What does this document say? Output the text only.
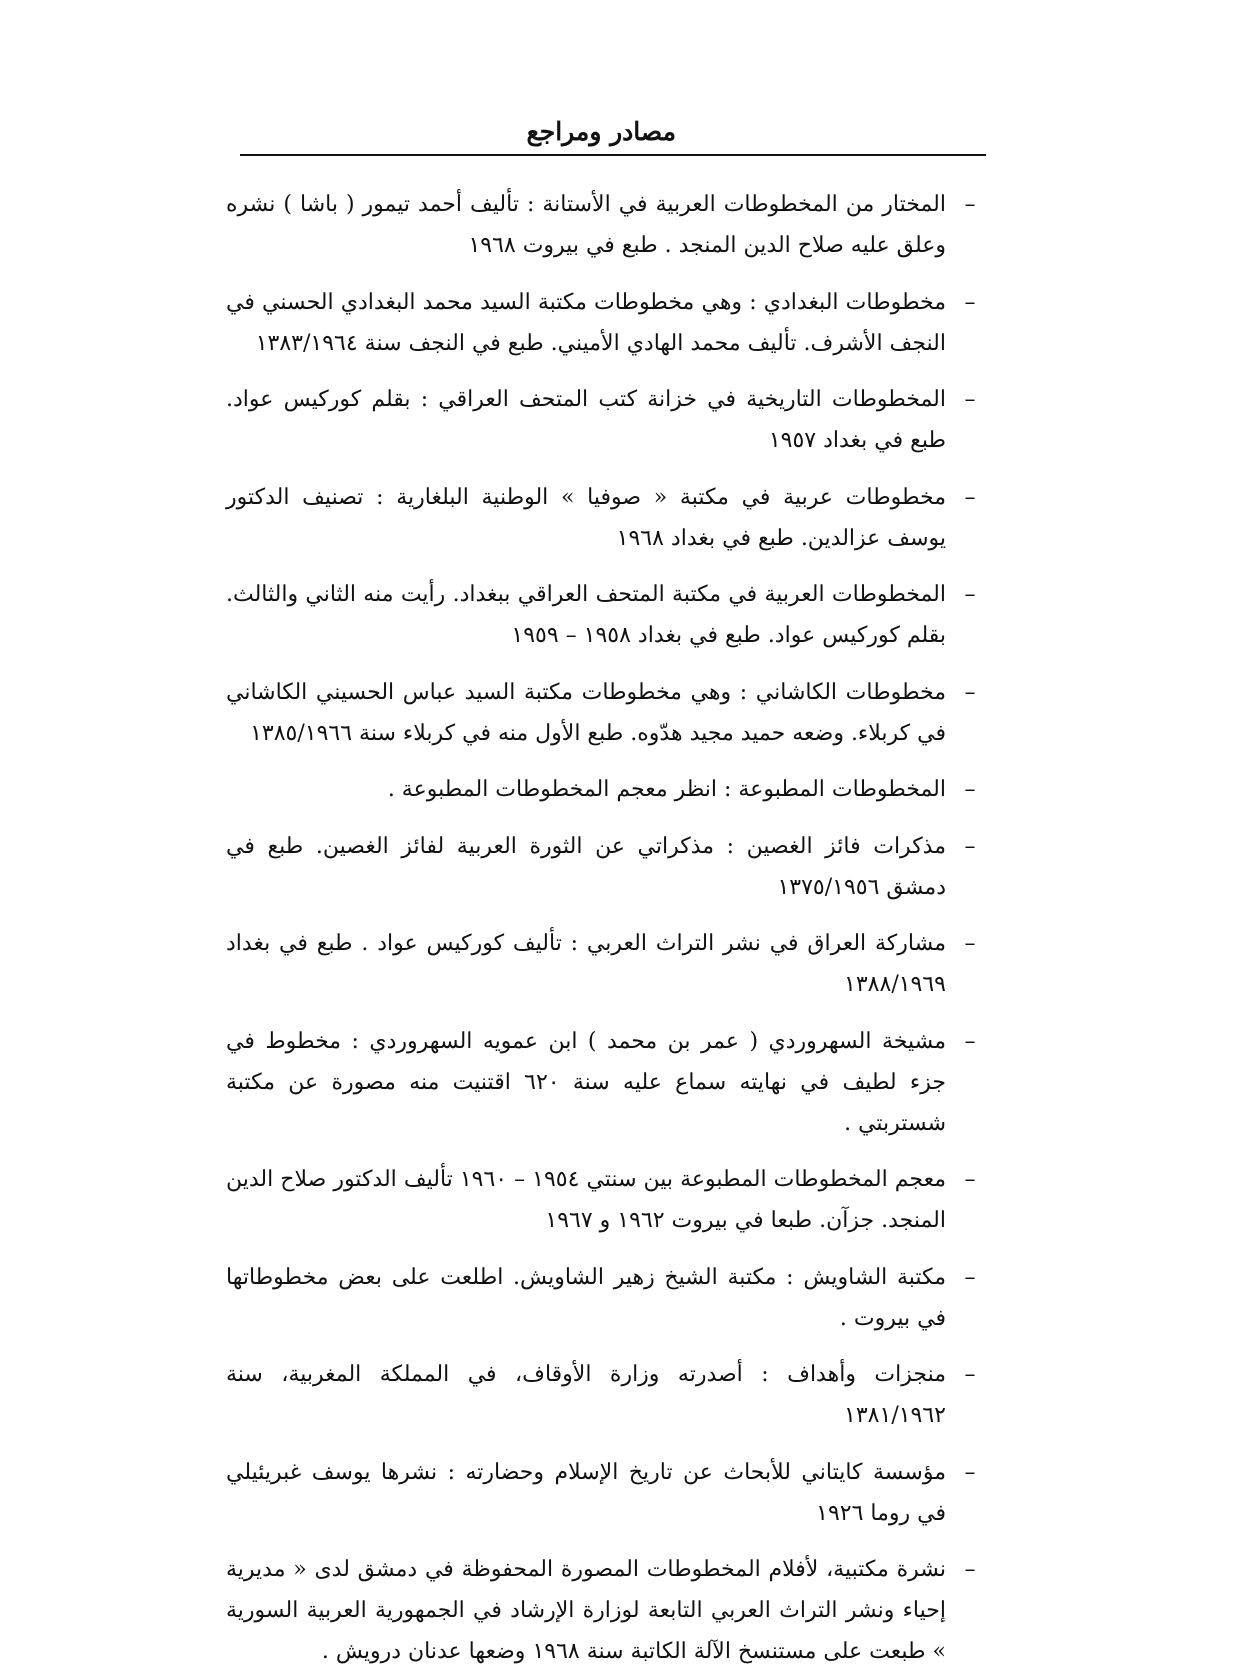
مصادر ومراجع
–
المختار من المخطوطات العربية في الأستانة : تأليف أحمد تيمور ( باشا ) نشره وعلق عليه صلاح الدين المنجد . طبع في بيروت ١٩٦٨
–
مخطوطات البغدادي : وهي مخطوطات مكتبة السيد محمد البغدادي الحسني في النجف الأشرف. تأليف محمد الهادي الأميني. طبع في النجف سنة ١٣٨٣/١٩٦٤
–
المخطوطات التاريخية في خزانة كتب المتحف العراقي : بقلم كوركيس عواد. طبع في بغداد ١٩٥٧
–
مخطوطات عربية في مكتبة « صوفيا » الوطنية البلغارية : تصنيف الدكتور يوسف عزالدين. طبع في بغداد ١٩٦٨
–
المخطوطات العربية في مكتبة المتحف العراقي ببغداد. رأيت منه الثاني والثالث. بقلم كوركيس عواد. طبع في بغداد ١٩٥٨ – ١٩٥٩
–
مخطوطات الكاشاني : وهي مخطوطات مكتبة السيد عباس الحسيني الكاشاني في كربلاء. وضعه حميد مجيد هدّوه. طبع الأول منه في كربلاء سنة ١٣٨٥/١٩٦٦
–
المخطوطات المطبوعة : انظر معجم المخطوطات المطبوعة .
–
مذكرات فائز الغصين : مذكراتي عن الثورة العربية لفائز الغصين. طبع في دمشق ١٣٧٥/١٩٥٦
–
مشاركة العراق في نشر التراث العربي : تأليف كوركيس عواد . طبع في بغداد ١٣٨٨/١٩٦٩
–
مشيخة السهروردي ( عمر بن محمد ) ابن عمويه السهروردي : مخطوط في جزء لطيف في نهايته سماع عليه سنة ٦٢٠ اقتنيت منه مصورة عن مكتبة شستربتي .
–
معجم المخطوطات المطبوعة بين سنتي ١٩٥٤ – ١٩٦٠ تأليف الدكتور صلاح الدين المنجد. جزآن. طبعا في بيروت ١٩٦٢ و ١٩٦٧
–
مكتبة الشاويش : مكتبة الشيخ زهير الشاويش. اطلعت على بعض مخطوطاتها في بيروت .
–
منجزات وأهداف : أصدرته وزارة الأوقاف، في المملكة المغربية، سنة ١٣٨١/١٩٦٢
–
مؤسسة كايتاني للأبحاث عن تاريخ الإسلام وحضارته : نشرها يوسف غبريئيلي في روما ١٩٢٦
–
نشرة مكتبية، لأفلام المخطوطات المصورة المحفوظة في دمشق لدى « مديرية إحياء ونشر التراث العربي التابعة لوزارة الإرشاد في الجمهورية العربية السورية » طبعت على مستنسخ الآلة الكاتبة سنة ١٩٦٨ وضعها عدنان درويش .
